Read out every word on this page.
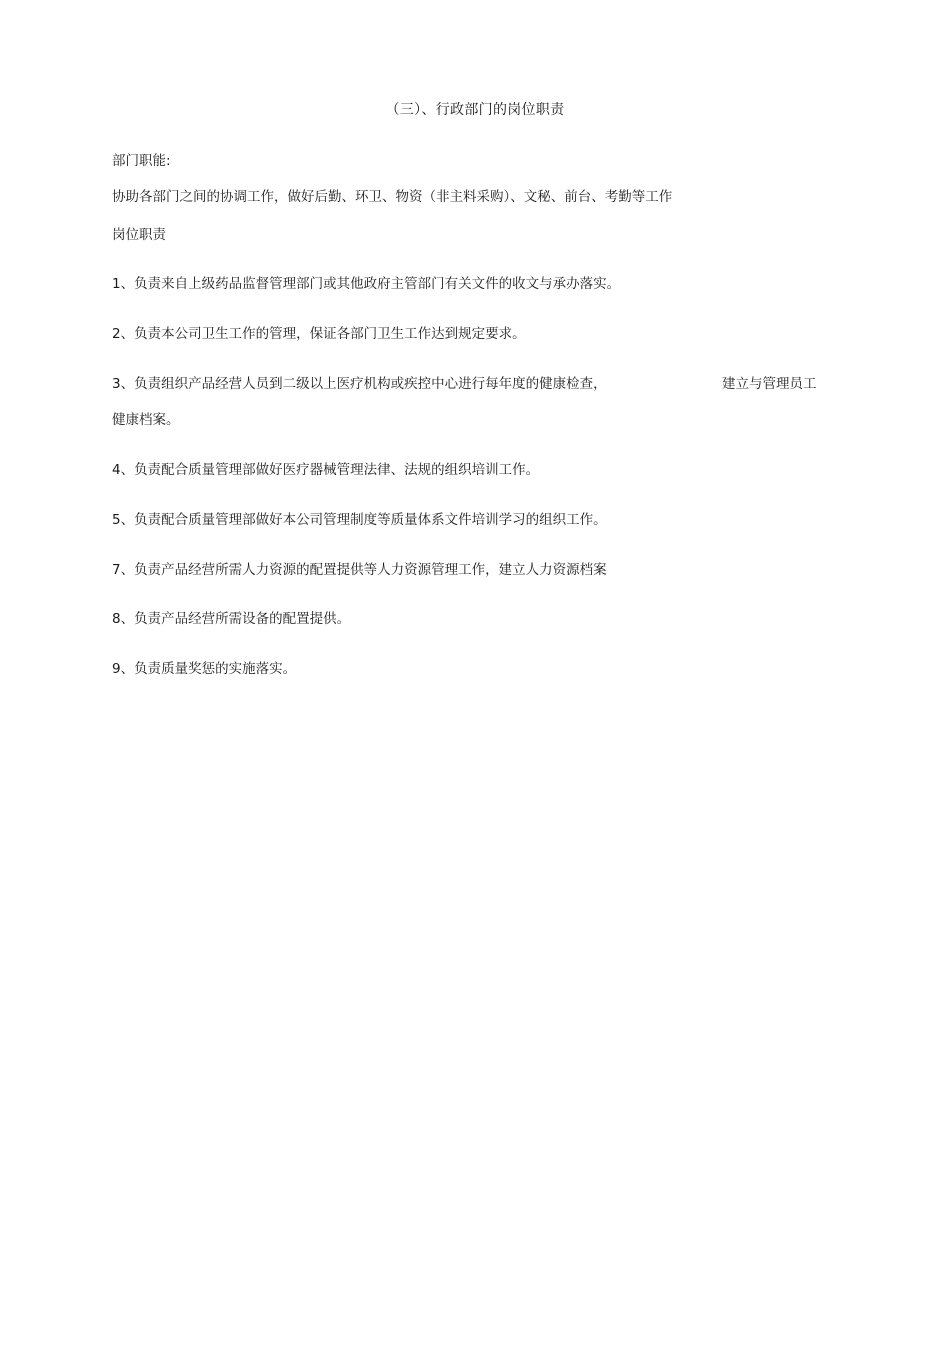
（三）、行政部门的岗位职责
部门职能:
协助各部门之间的协调工作，做好后勤、环卫、物资（非主料采购）、文秘、前台、考勤等工作
岗位职责
1、负责来自上级药品监督管理部门或其他政府主管部门有关文件的收文与承办落实。
2、负责本公司卫生工作的管理，保证各部门卫生工作达到规定要求。
3、负责组织产品经营人员到二级以上医疗机构或疾控中心进行每年度的健康检查，	建立与管理员工
健康档案。
4、负责配合质量管理部做好医疗器械管理法律、法规的组织培训工作。
5、负责配合质量管理部做好本公司管理制度等质量体系文件培训学习的组织工作。
7、负责产品经营所需人力资源的配置提供等人力资源管理工作，建立人力资源档案
8、负责产品经营所需设备的配置提供。
9、负责质量奖惩的实施落实。
